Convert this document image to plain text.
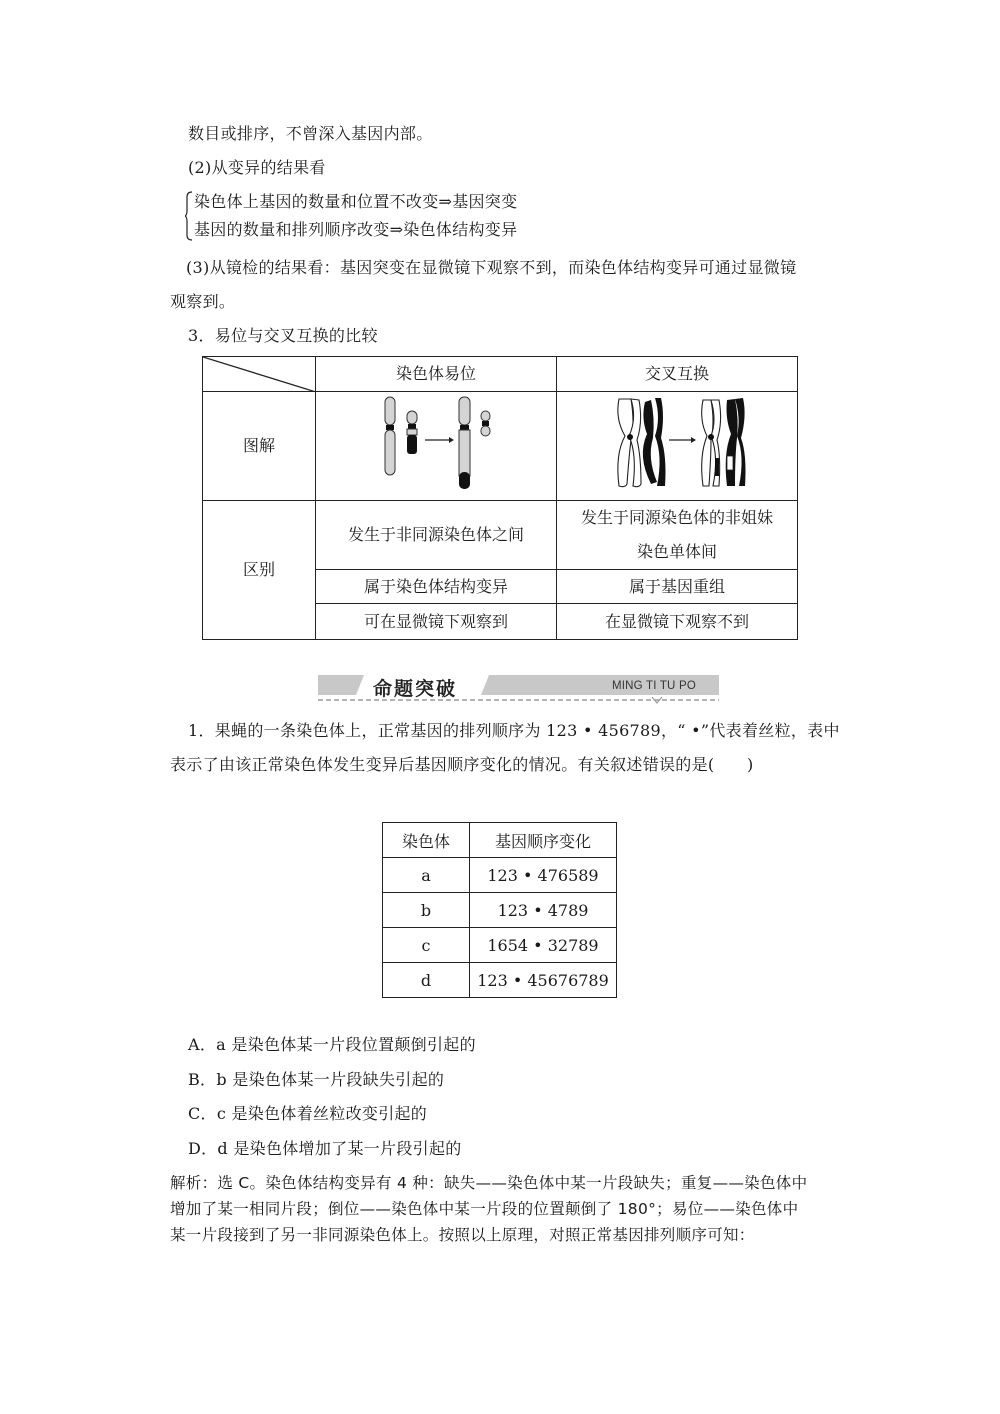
数目或排序，不曾深入基因内部。
(2)从变异的结果看
染色体上基因的数量和位置不改变⇒基因突变
基因的数量和排列顺序改变⇒染色体结构变异
(3)从镜检的结果看：基因突变在显微镜下观察不到，而染色体结构变异可通过显微镜
观察到。
3．易位与交叉互换的比较
	染色体易位	交叉互换
图解		
区别	发生于非同源染色体之间	发生于同源染色体的非姐妹
染色单体间

	属于染色体结构变异	属于基因重组
	可在显微镜下观察到	在显微镜下观察不到
命题突破	MING TI TU PO
1．果蝇的一条染色体上，正常基因的排列顺序为 123 • 456789，“ •”代表着丝粒，表中
表示了由该正常染色体发生变异后基因顺序变化的情况。有关叙述错误的是(　　)
染色体	基因顺序变化
a	123 • 476589
b	123 • 4789
c	1654 • 32789
d	123 • 45676789
A．a 是染色体某一片段位置颠倒引起的
B．b 是染色体某一片段缺失引起的
C．c 是染色体着丝粒改变引起的
D．d 是染色体增加了某一片段引起的
解析：选 C。染色体结构变异有 4 种：缺失——染色体中某一片段缺失；重复——染色体中
增加了某一相同片段；倒位——染色体中某一片段的位置颠倒了 180°；易位——染色体中
某一片段接到了另一非同源染色体上。按照以上原理，对照正常基因排列顺序可知：
